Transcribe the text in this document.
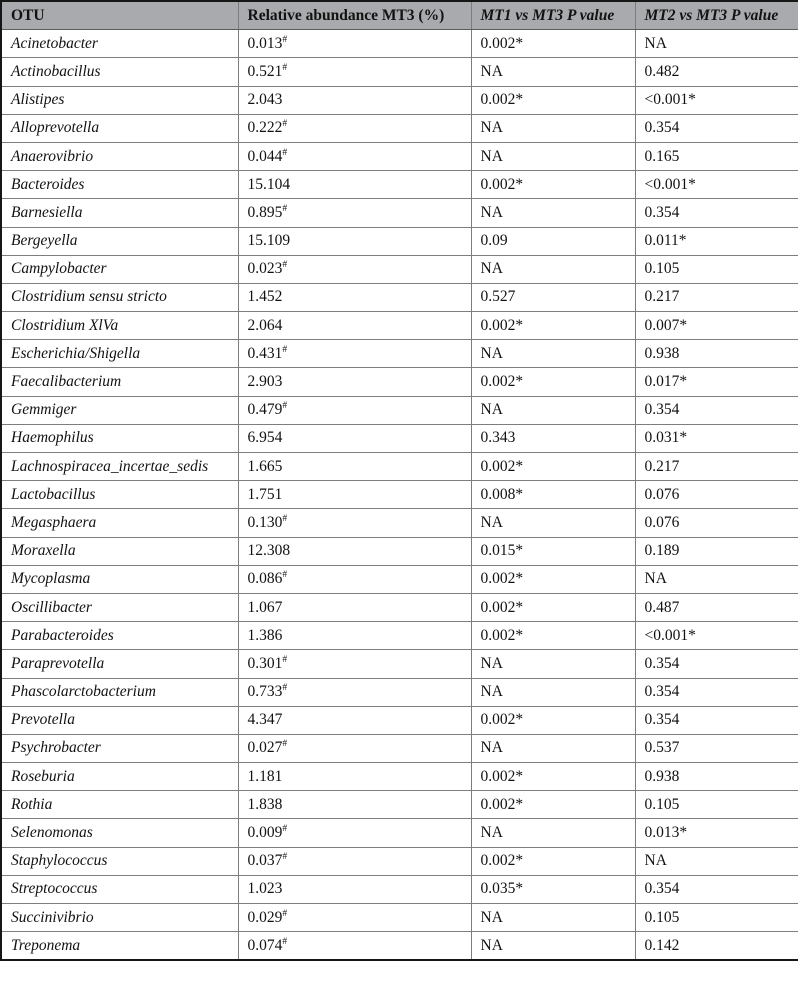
OTU	Relative abundance MT3 (%)	MT1 vs MT3 P value	MT2 vs MT3 P value
Acinetobacter	0.013#	0.002*	NA
Actinobacillus	0.521#	NA	0.482
Alistipes	2.043	0.002*	<0.001*
Alloprevotella	0.222#	NA	0.354
Anaerovibrio	0.044#	NA	0.165
Bacteroides	15.104	0.002*	<0.001*
Barnesiella	0.895#	NA	0.354
Bergeyella	15.109	0.09	0.011*
Campylobacter	0.023#	NA	0.105
Clostridium sensu stricto	1.452	0.527	0.217
Clostridium XlVa	2.064	0.002*	0.007*
Escherichia/Shigella	0.431#	NA	0.938
Faecalibacterium	2.903	0.002*	0.017*
Gemmiger	0.479#	NA	0.354
Haemophilus	6.954	0.343	0.031*
Lachnospiracea_incertae_sedis	1.665	0.002*	0.217
Lactobacillus	1.751	0.008*	0.076
Megasphaera	0.130#	NA	0.076
Moraxella	12.308	0.015*	0.189
Mycoplasma	0.086#	0.002*	NA
Oscillibacter	1.067	0.002*	0.487
Parabacteroides	1.386	0.002*	<0.001*
Paraprevotella	0.301#	NA	0.354
Phascolarctobacterium	0.733#	NA	0.354
Prevotella	4.347	0.002*	0.354
Psychrobacter	0.027#	NA	0.537
Roseburia	1.181	0.002*	0.938
Rothia	1.838	0.002*	0.105
Selenomonas	0.009#	NA	0.013*
Staphylococcus	0.037#	0.002*	NA
Streptococcus	1.023	0.035*	0.354
Succinivibrio	0.029#	NA	0.105
Treponema	0.074#	NA	0.142
